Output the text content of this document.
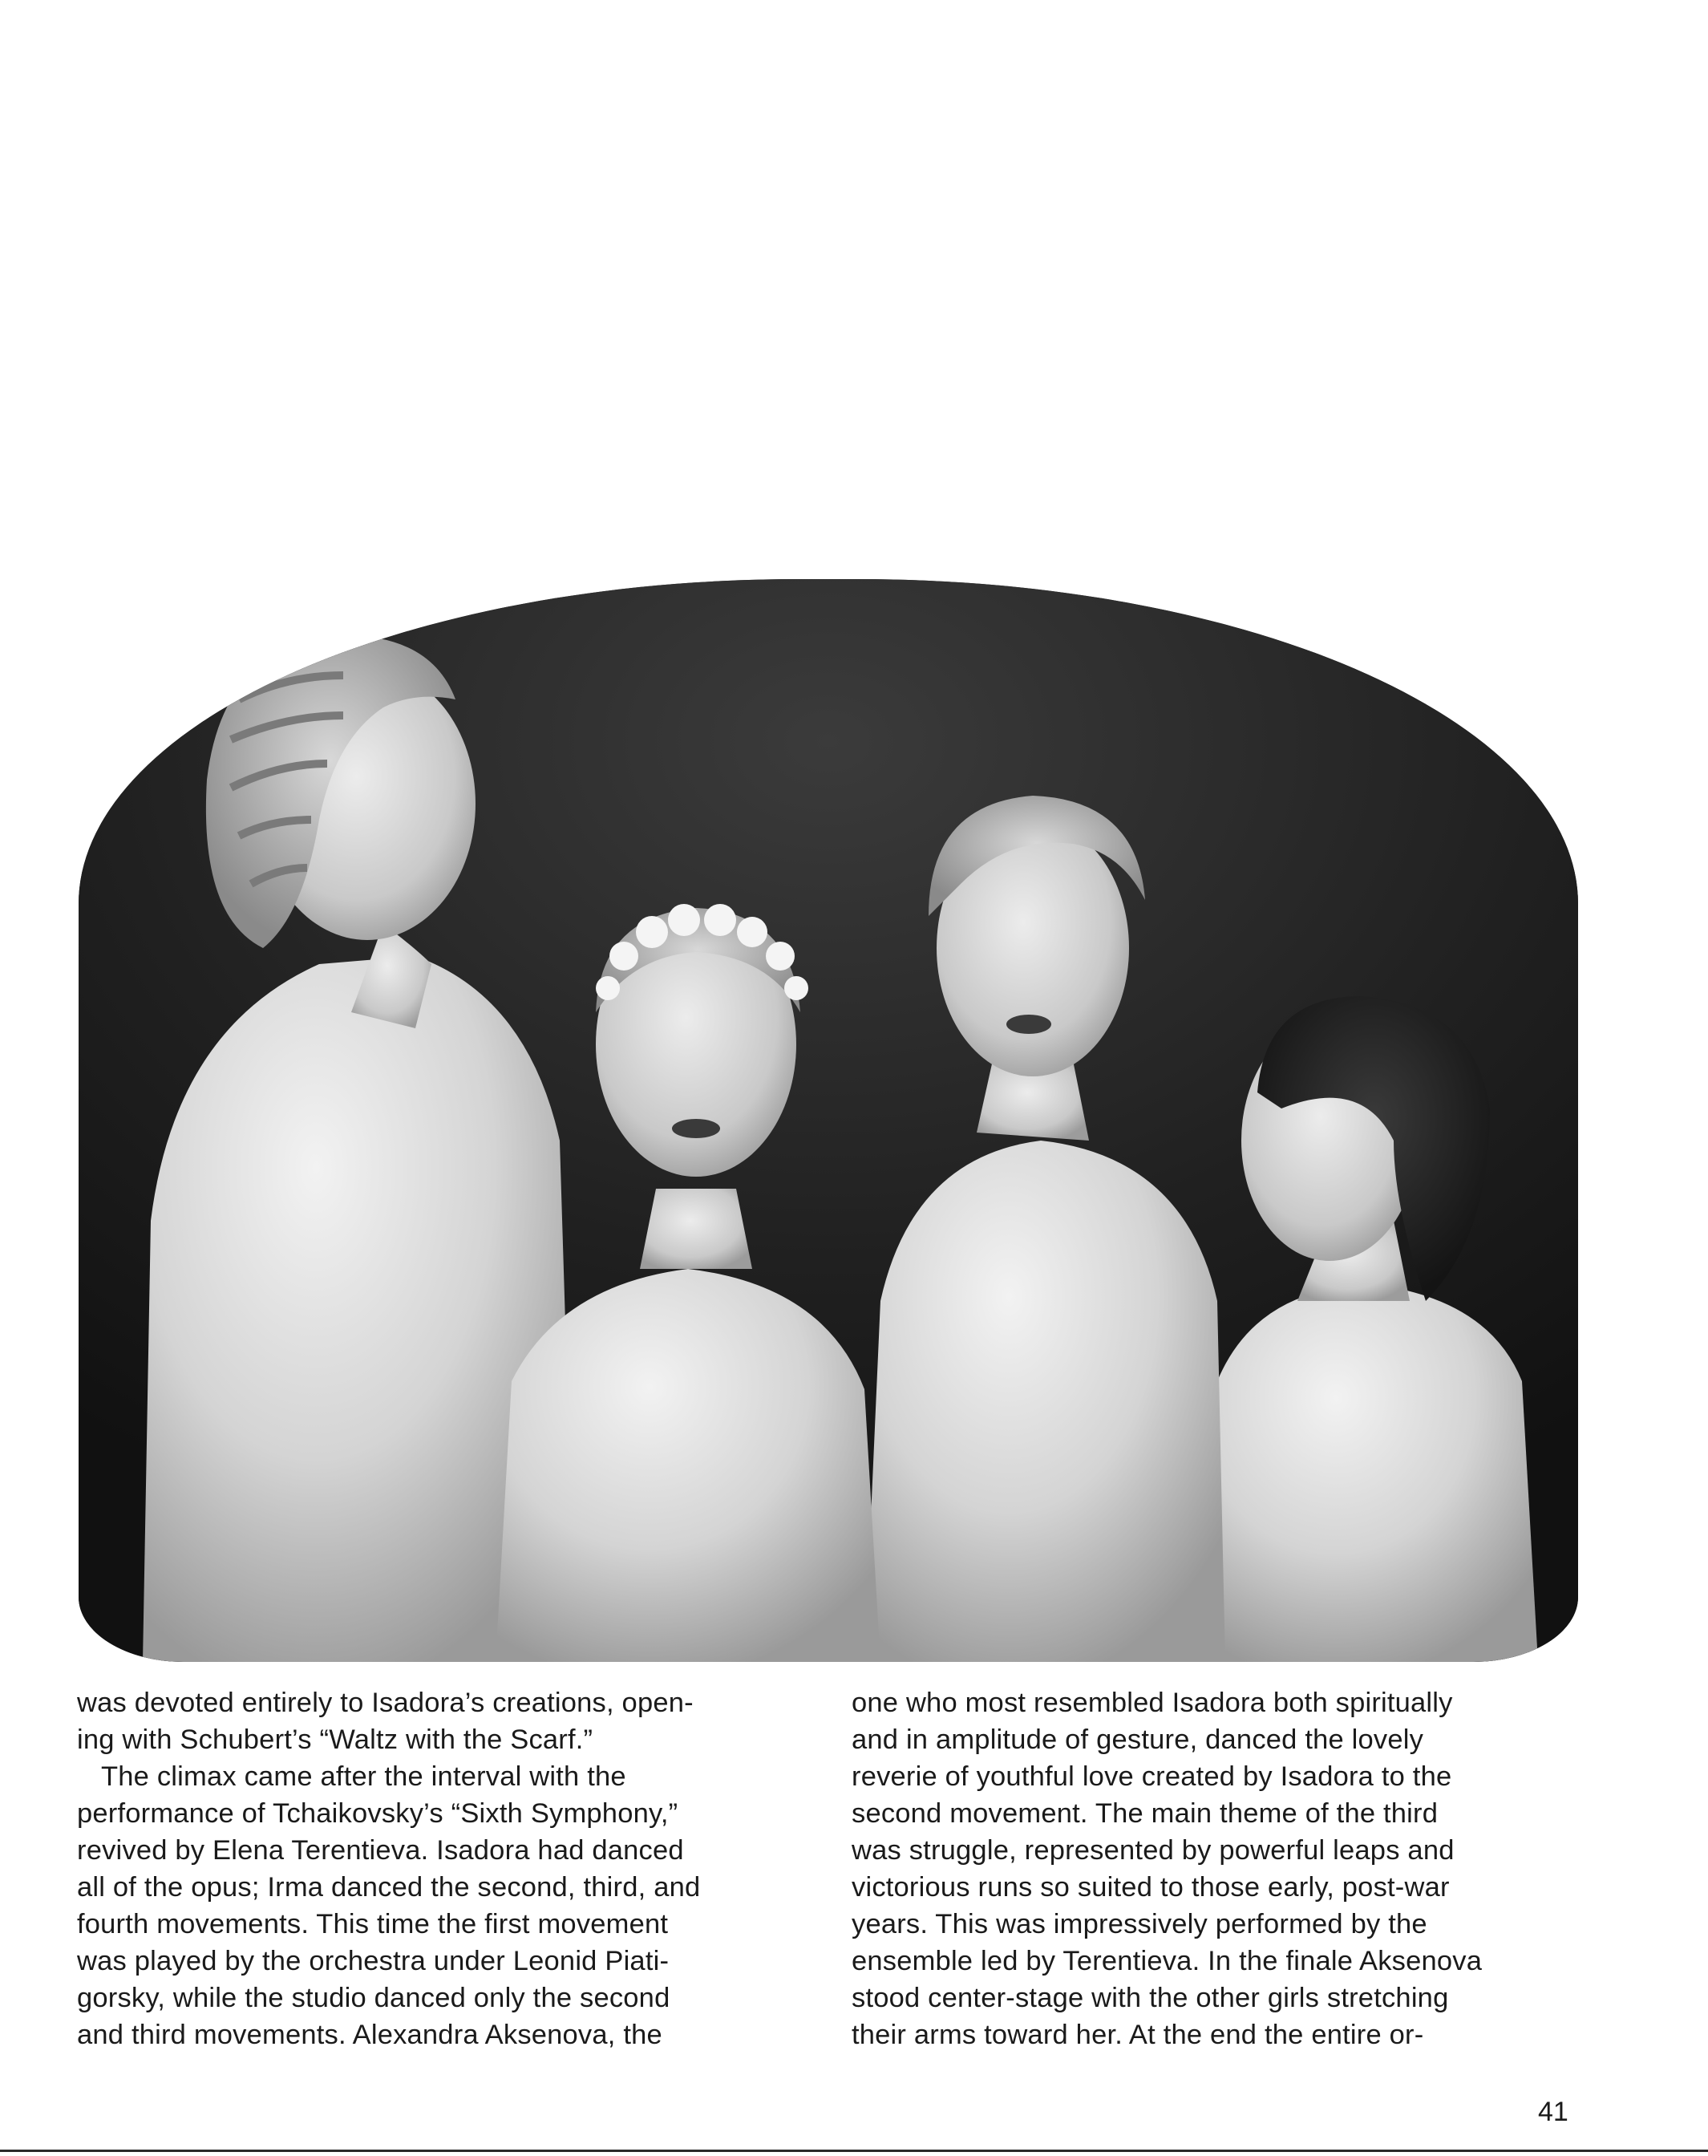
was devoted entirely to Isadora’s creations, open-
ing with Schubert’s “Waltz with the Scarf.”
The climax came after the interval with the
performance of Tchaikovsky’s “Sixth Symphony,”
revived by Elena Terentieva. Isadora had danced
all of the opus; Irma danced the second, third, and
fourth movements. This time the first movement
was played by the orchestra under Leonid Piati-
gorsky, while the studio danced only the second
and third movements. Alexandra Aksenova, the
one who most resembled Isadora both spiritually
and in amplitude of gesture, danced the lovely
reverie of youthful love created by Isadora to the
second movement. The main theme of the third
was struggle, represented by powerful leaps and
victorious runs so suited to those early, post-war
years. This was impressively performed by the
ensemble led by Terentieva. In the finale Aksenova
stood center-stage with the other girls stretching
their arms toward her. At the end the entire or-
41
